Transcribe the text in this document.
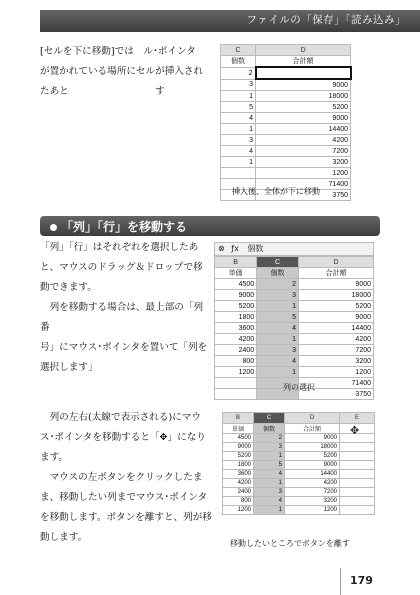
ファイルの「保存」「読み込み」
[セルを下に移動]では　ル･ポインタ
が置かれている場所にセルが挿入され
たあと　　　　　　　　　す
C	D
個数	合計額
2	
3	9000
1	18000
5	5200
4	9000
1	14400
3	4200
4	7200
1	3200
	1200
	71400
	3750
挿入後、全体が下に移動
「列」「行」を移動する
「列」「行」はそれぞれを選択したあ
と、マウスのドラッグ＆ドロップで移
動できます。
　列を移動する場合は、最上部の「列番
号」にマウス･ポインタを置いて「列を
選択します」
⊗ ƒx 個数
B	C	D
単価	個数	合計額
4500	2	9000
9000	3	18000
5200	1	5200
1800	5	9000
3600	4	14400
4200	1	4200
2400	3	7200
800	4	3200
1200	1	1200
		71400
		3750
列の選択
　列の左右(太線で表示される)にマウ
ス･ポインタを移動すると「✥」になり
ます。
　マウスの左ボタンをクリックしたま
ま、移動したい列までマウス･ポインタ
を移動します。ボタンを離すと、列が移
動します。
B	C	D	E
単価	個数	合計額	
4500	2	9000	
9000	3	18000	
5200	1	5200	
1800	5	9000	
3600	4	14400	
4200	1	4200	
2400	3	7200	
800	4	3200	
1200	1	1200	
✥
移動したいところでボタンを離す
179
